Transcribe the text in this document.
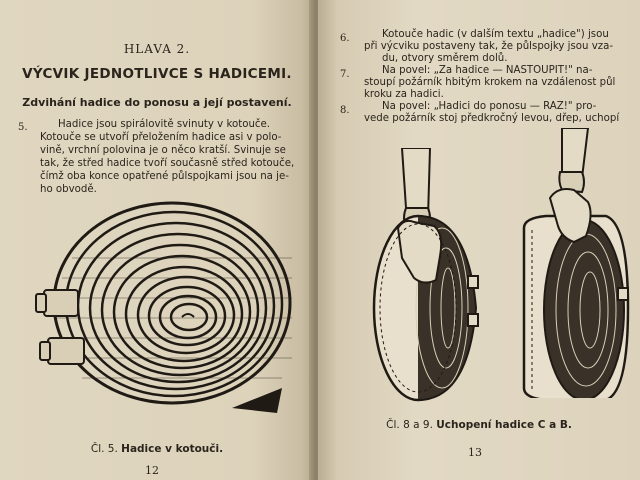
HLAVA 2.
VÝCVIK JEDNOTLIVCE S HADICEMI.
Zdvihání hadice do ponosu a její postavení.
5.	Hadice jsou spirálovitě svinuty v kotouče.
Kotouče se utvoří přeložením hadice asi v polo-
vině, vrchní polovina je o něco kratší. Svinuje se
tak, že střed hadice tvoří současně střed kotouče,
čímž oba konce opatřené půlspojkami jsou na je-
ho obvodě.
Čl. 5. Hadice v kotouči.
12
6.	Kotouče hadic (v dalším textu „hadice") jsou
při výcviku postaveny tak, že půlspojky jsou vza-
du, otvory směrem dolů.
7.	Na povel: „Za hadice — NASTOUPIT!" na-
stoupí požárník hbitým krokem na vzdálenost půl
kroku za hadici.
8.	Na povel: „Hadici do ponosu — RAZ!" pro-
vede požárník stoj předkročný levou, dřep, uchopí
Čl. 8 a 9. Uchopení hadice C a B.
13
